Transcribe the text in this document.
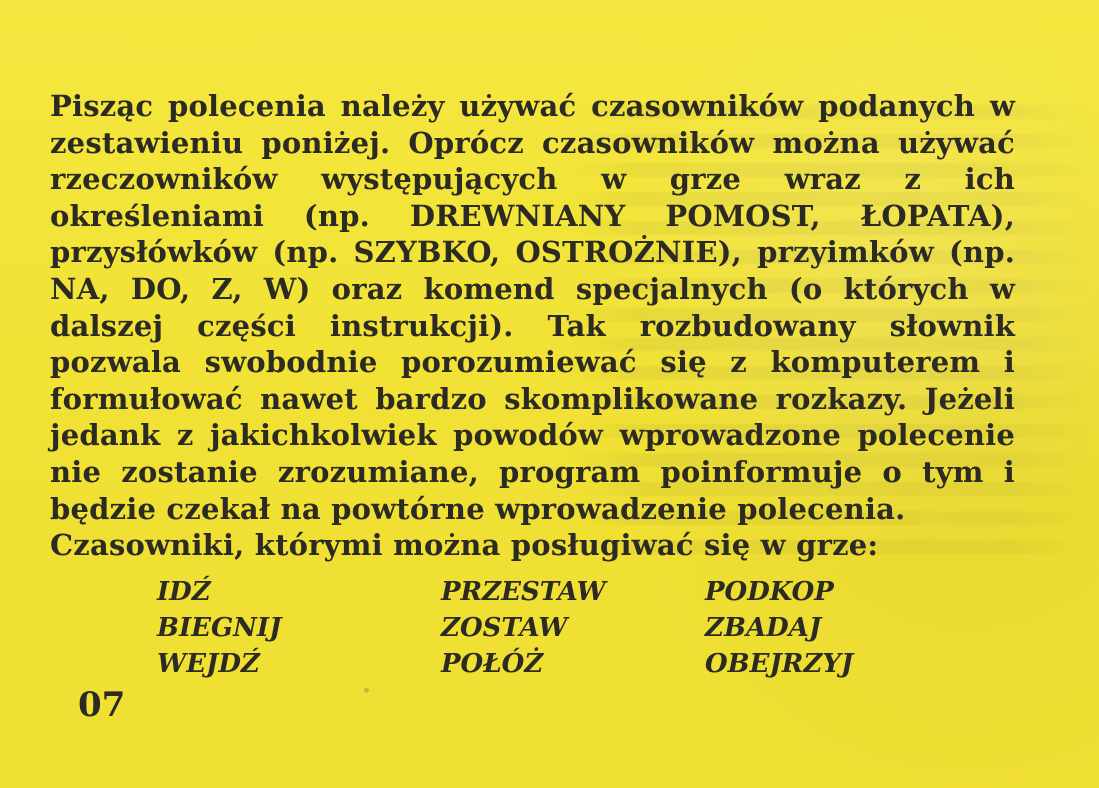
Pisząc polecenia należy używać czasowników podanych w
zestawieniu poniżej. Oprócz czasowników można używać
rzeczowników występujących w grze wraz z ich
określeniami (np. DREWNIANY POMOST, ŁOPATA),
przysłówków (np. SZYBKO, OSTROŻNIE), przyimków (np.
NA, DO, Z, W) oraz komend specjalnych (o których w
dalszej części instrukcji). Tak rozbudowany słownik
pozwala swobodnie porozumiewać się z komputerem i
formułować nawet bardzo skomplikowane rozkazy. Jeżeli
jedank z jakichkolwiek powodów wprowadzone polecenie
nie zostanie zrozumiane, program poinformuje o tym i
będzie czekał na powtórne wprowadzenie polecenia.
Czasowniki, którymi można posługiwać się w grze:
IDŹ
BIEGNIJ
WEJDŹ
PRZESTAW
ZOSTAW
POŁÓŻ
PODKOP
ZBADAJ
OBEJRZYJ
07
